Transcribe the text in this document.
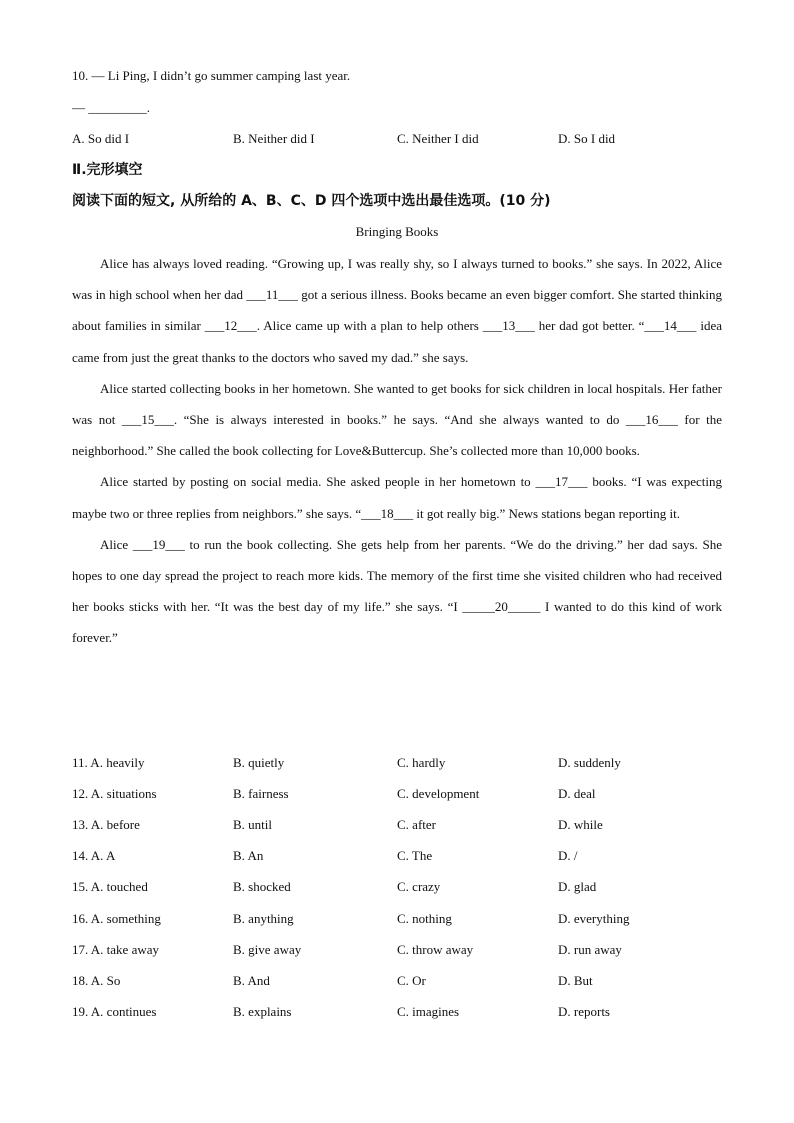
10. — Li Ping, I didn’t go summer camping last year.
— _________.
A. So did I	B. Neither did I	C. Neither I did	D. So I did
Ⅱ.完形填空
阅读下面的短文, 从所给的 A、B、C、D 四个选项中选出最佳选项。(10 分)
Bringing Books

Alice has always loved reading. “Growing up, I was really shy, so I always turned to books.” she says. In 2022, Alice was in high school when her dad ___11___ got a serious illness. Books became an even bigger comfort. She started thinking about families in similar ___12___. Alice came up with a plan to help others ___13___ her dad got better. “___14___ idea came from just the great thanks to the doctors who saved my dad.” she says.

Alice started collecting books in her hometown. She wanted to get books for sick children in local hospitals. Her father was not ___15___. “She is always interested in books.” he says. “And she always wanted to do ___16___ for the neighborhood.” She called the book collecting for Love&Buttercup. She’s collected more than 10,000 books.

Alice started by posting on social media. She asked people in her hometown to ___17___ books. “I was expecting maybe two or three replies from neighbors.” she says. “___18___ it got really big.” News stations began reporting it.

Alice ___19___ to run the book collecting. She gets help from her parents. “We do the driving.” her dad says. She hopes to one day spread the project to reach more kids. The memory of the first time she visited children who had received her books sticks with her. “It was the best day of my life.” she says. “I _____20_____ I wanted to do this kind of work forever.”

11. A. heavily	B. quietly	C. hardly	D. suddenly
12. A. situations	B. fairness	C. development	D. deal
13. A. before	B. until	C. after	D. while
14. A. A	B. An	C. The	D. /
15. A. touched	B. shocked	C. crazy	D. glad
16. A. something	B. anything	C. nothing	D. everything
17. A. take away	B. give away	C. throw away	D. run away
18. A. So	B. And	C. Or	D. But
19. A. continues	B. explains	C. imagines	D. reports
